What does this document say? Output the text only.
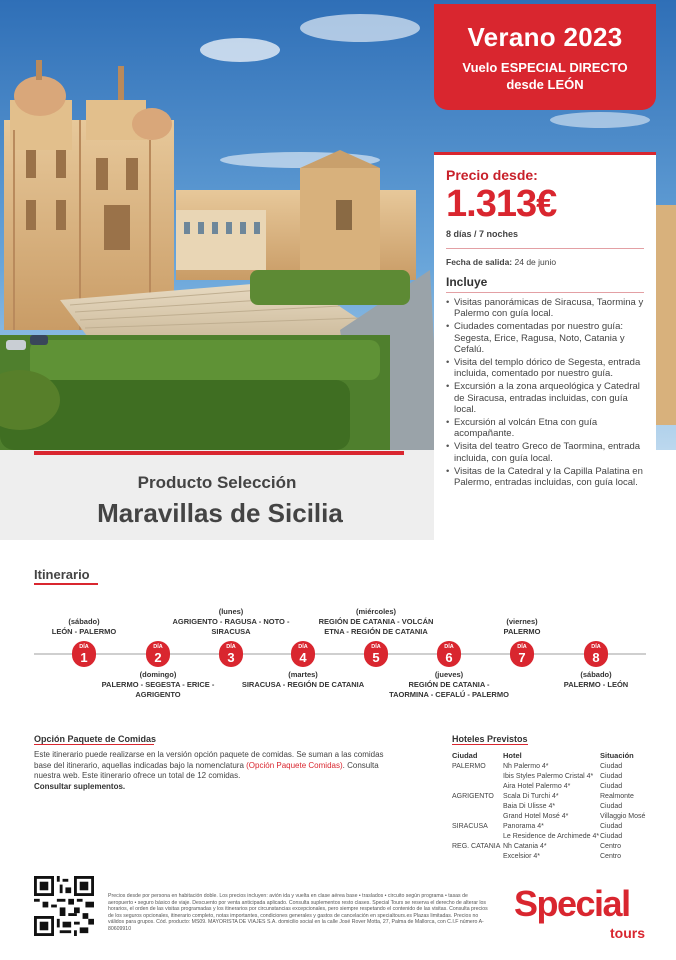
Verano 2023
Vuelo ESPECIAL DIRECTO
desde LEÓN
Precio desde:
1.313€
8 días / 7 noches
Fecha de salida: 24 de junio
Incluye
• Visitas panorámicas de Siracusa, Taormina y Palermo con guía local.
• Ciudades comentadas por nuestro guía: Segesta, Erice, Ragusa, Noto, Catania y Cefalú.
• Visita del templo dórico de Segesta, entrada incluida, comentado por nuestro guía.
• Excursión a la zona arqueológica y Catedral de Siracusa, entradas incluidas, con guía local.
• Excursión al volcán Etna con guía acompañante.
• Visita del teatro Greco de Taormina, entrada incluida, con guía local.
• Visitas de la Catedral y la Capilla Palatina en Palermo, entradas incluidas, con guía local.
Producto Selección
Maravillas de Sicilia
Itinerario
DÍA
1
DÍA
2
DÍA
3
DÍA
4
DÍA
5
DÍA
6
DÍA
7
DÍA
8
(sábado)
LEÓN - PALERMO
(domingo)
PALERMO - SEGESTA - ERICE -
AGRIGENTO
(lunes)
AGRIGENTO - RAGUSA - NOTO -
SIRACUSA
(martes)
SIRACUSA - REGIÓN DE CATANIA
(miércoles)
REGIÓN DE CATANIA - VOLCÁN
ETNA - REGIÓN DE CATANIA
(jueves)
REGIÓN DE CATANIA -
TAORMINA - CEFALÚ - PALERMO
(viernes)
PALERMO
(sábado)
PALERMO - LEÓN
Opción Paquete de Comidas
Este itinerario puede realizarse en la versión opción paquete de comidas. Se suman a las comidas base del itinerario, aquellas indicadas bajo la nomenclatura (Opción Paquete Comidas). Consulta nuestra web. Este itinerario ofrece un total de 12 comidas.
Consultar suplementos.
Hoteles Previstos
Ciudad	Hotel	Situación
PALERMO Nh Palermo 4*	Ciudad
Ibis Styles Palermo Cristal 4* Ciudad
Aira Hotel Palermo 4*	Ciudad
AGRIGENTO Scala Di Turchi 4*	Realmonte
Baia Di Ulisse 4*	Ciudad
Grand Hotel Mosé 4*	Villaggio Mosé
SIRACUSA Panorama 4*	Ciudad
Le Residence de Archimede 4* Ciudad
REG. CATANIA Nh Catania 4*	Centro
Excelsior 4*	Centro
Precios desde por persona en habitación doble. Los precios incluyen: avión ida y vuelta en clase aérea base • traslados • circuito según programa • tasas de aeropuerto • seguro básico de viaje. Descuento por venta anticipada aplicado. Consulta suplementos resto clases. Special Tours se reserva el derecho de alterar los horarios, el orden de las visitas programadas y los itinerarios por circunstancias excepcionales, pero siempre respetando el contenido de las visitas. Consulta precios de los seguros opcionales, itinerario completo, notas importantes, condiciones generales y gastos de cancelación en specialtours.es Plazas limitadas. Precios no válidos para grupos. Cód. producto: MS09. MAYORISTA DE VIAJES S.A. domicilio social en la calle José Rover Motta, 27, Palma de Mallorca, con C.I.F número A-80609910
Special
tours
